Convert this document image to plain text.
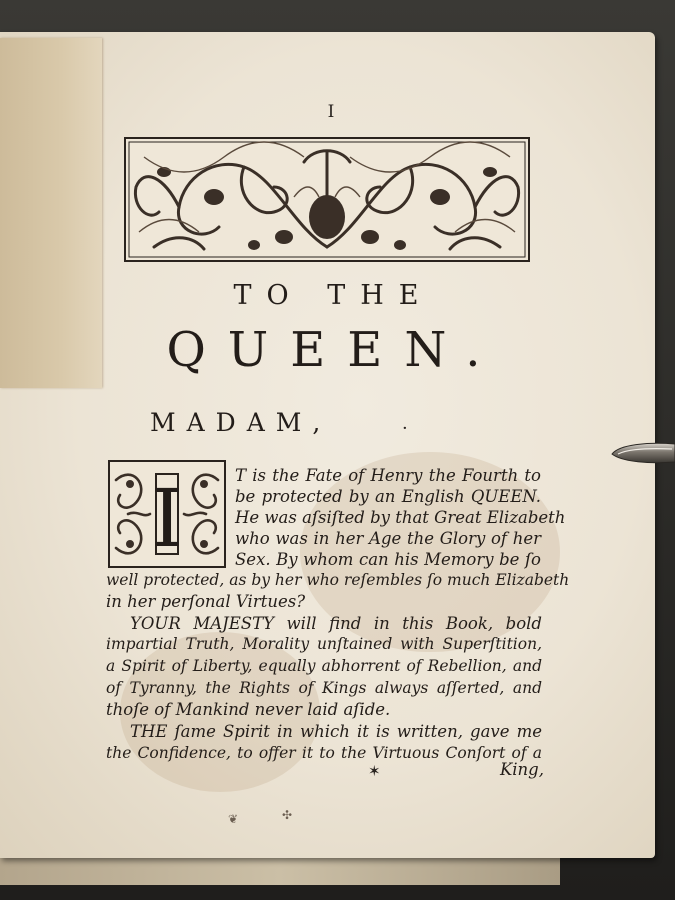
I
TO THE
QUEEN.
MADAM,	·
I	T is the Fate of Henry the Fourth to

be protected by an English QUEEN.

He was aſsiſted by that Great Elizabeth

who was in her Age the Glory of her

Sex. By whom can his Memory be ſo

well protected, as by her who reſembles ſo much Elizabeth

in her perſonal Virtues?

YOUR MAJESTY will find in this Book, bold

impartial Truth, Morality unſtained with Superſtition,

a Spirit of Liberty, equally abhorrent of Rebellion, and

of Tyranny, the Rights of Kings always aſſerted, and

thoſe of Mankind never laid aſide.

THE ſame Spirit in which it is written, gave me

the Confidence, to offer it to the Virtuous Conſort of a

✶	King,
❦	✣
